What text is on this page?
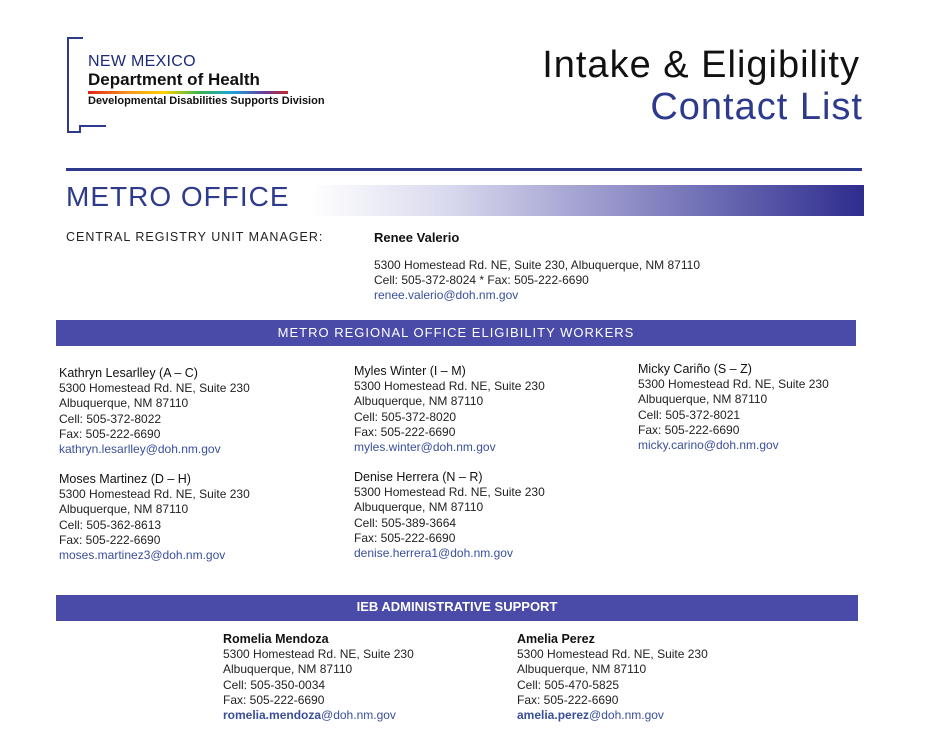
NEW MEXICO
Department of Health
Developmental Disabilities Supports Division
Intake & Eligibility
Contact List
METRO OFFICE
CENTRAL REGISTRY UNIT MANAGER:	Renee Valerio
5300 Homestead Rd. NE, Suite 230, Albuquerque, NM 87110
Cell: 505-372-8024 * Fax: 505-222-6690
renee.valerio@doh.nm.gov
METRO REGIONAL OFFICE ELIGIBILITY WORKERS
Kathryn Lesarlley (A – C)
5300 Homestead Rd. NE, Suite 230
Albuquerque, NM 87110
Cell: 505-372-8022
Fax: 505-222-6690
kathryn.lesarlley@doh.nm.gov
Myles Winter (I – M)
5300 Homestead Rd. NE, Suite 230
Albuquerque, NM 87110
Cell: 505-372-8020
Fax: 505-222-6690
myles.winter@doh.nm.gov
Micky Cariño (S – Z)
5300 Homestead Rd. NE, Suite 230
Albuquerque, NM 87110
Cell: 505-372-8021
Fax: 505-222-6690
micky.carino@doh.nm.gov
Moses Martinez (D – H)
5300 Homestead Rd. NE, Suite 230
Albuquerque, NM 87110
Cell: 505-362-8613
Fax: 505-222-6690
moses.martinez3@doh.nm.gov
Denise Herrera (N – R)
5300 Homestead Rd. NE, Suite 230
Albuquerque, NM 87110
Cell: 505-389-3664
Fax: 505-222-6690
denise.herrera1@doh.nm.gov
IEB ADMINISTRATIVE SUPPORT
Romelia Mendoza
5300 Homestead Rd. NE, Suite 230
Albuquerque, NM 87110
Cell: 505-350-0034
Fax: 505-222-6690
romelia.mendoza@doh.nm.gov
Amelia Perez
5300 Homestead Rd. NE, Suite 230
Albuquerque, NM 87110
Cell: 505-470-5825
Fax: 505-222-6690
amelia.perez@doh.nm.gov
